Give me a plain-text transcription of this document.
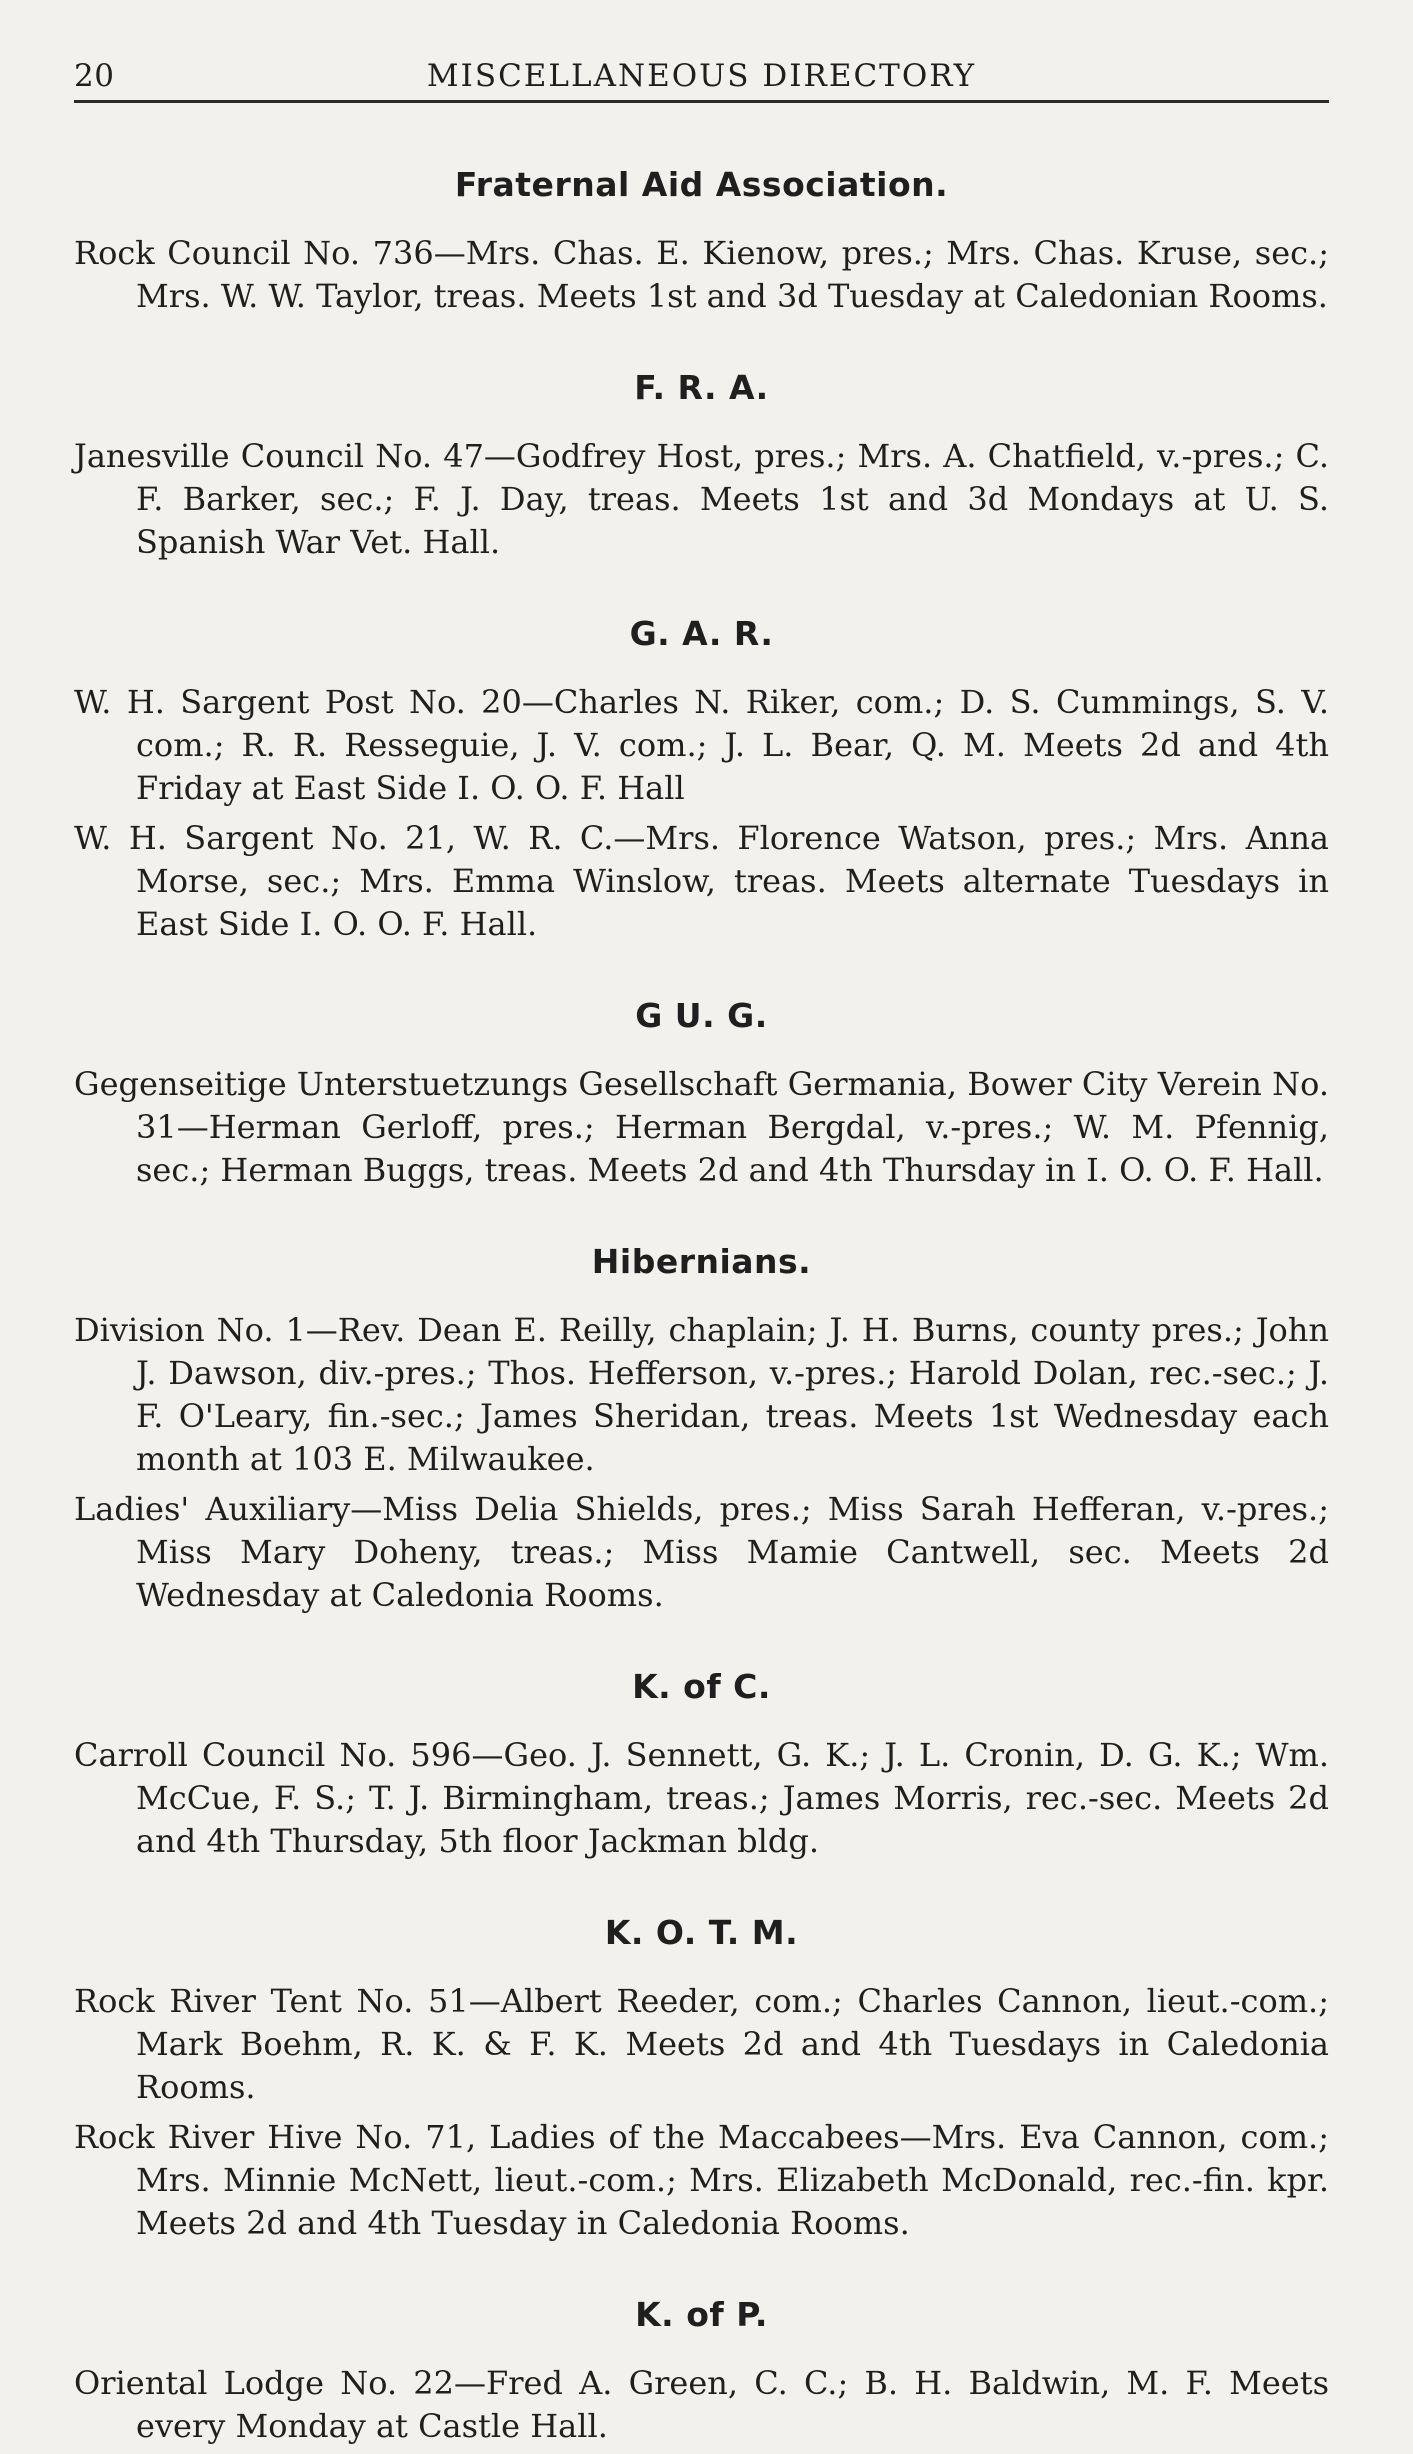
20	MISCELLANEOUS DIRECTORY
Fraternal Aid Association.

Rock Council No. 736—Mrs. Chas. E. Kienow, pres.; Mrs. Chas. Kruse, sec.; Mrs. W. W. Taylor, treas. Meets 1st and 3d Tuesday at Caledonian Rooms.

F. R. A.

Janesville Council No. 47—Godfrey Host, pres.; Mrs. A. Chatfield, v.-pres.; C. F. Barker, sec.; F. J. Day, treas. Meets 1st and 3d Mondays at U. S. Spanish War Vet. Hall.

G. A. R.

W. H. Sargent Post No. 20—Charles N. Riker, com.; D. S. Cummings, S. V. com.; R. R. Resseguie, J. V. com.; J. L. Bear, Q. M. Meets 2d and 4th Friday at East Side I. O. O. F. Hall

W. H. Sargent No. 21, W. R. C.—Mrs. Florence Watson, pres.; Mrs. Anna Morse, sec.; Mrs. Emma Winslow, treas. Meets alternate Tuesdays in East Side I. O. O. F. Hall.

G U. G.

Gegenseitige Unterstuetzungs Gesellschaft Germania, Bower City Verein No. 31—Herman Gerloff, pres.; Herman Bergdal, v.-pres.; W. M. Pfennig, sec.; Herman Buggs, treas. Meets 2d and 4th Thursday in I. O. O. F. Hall.

Hibernians.

Division No. 1—Rev. Dean E. Reilly, chaplain; J. H. Burns, county pres.; John J. Dawson, div.-pres.; Thos. Hefferson, v.-pres.; Harold Dolan, rec.-sec.; J. F. O'Leary, fin.-sec.; James Sheridan, treas. Meets 1st Wednesday each month at 103 E. Milwaukee.

Ladies' Auxiliary—Miss Delia Shields, pres.; Miss Sarah Hefferan, v.-pres.; Miss Mary Doheny, treas.; Miss Mamie Cantwell, sec. Meets 2d Wednesday at Caledonia Rooms.

K. of C.

Carroll Council No. 596—Geo. J. Sennett, G. K.; J. L. Cronin, D. G. K.; Wm. McCue, F. S.; T. J. Birmingham, treas.; James Morris, rec.-sec. Meets 2d and 4th Thursday, 5th floor Jackman bldg.

K. O. T. M.

Rock River Tent No. 51—Albert Reeder, com.; Charles Cannon, lieut.-com.; Mark Boehm, R. K. & F. K. Meets 2d and 4th Tuesdays in Caledonia Rooms.

Rock River Hive No. 71, Ladies of the Maccabees—Mrs. Eva Cannon, com.; Mrs. Minnie McNett, lieut.-com.; Mrs. Elizabeth McDonald, rec.-fin. kpr. Meets 2d and 4th Tuesday in Caledonia Rooms.

K. of P.

Oriental Lodge No. 22—Fred A. Green, C. C.; B. H. Baldwin, M. F. Meets every Monday at Castle Hall.
